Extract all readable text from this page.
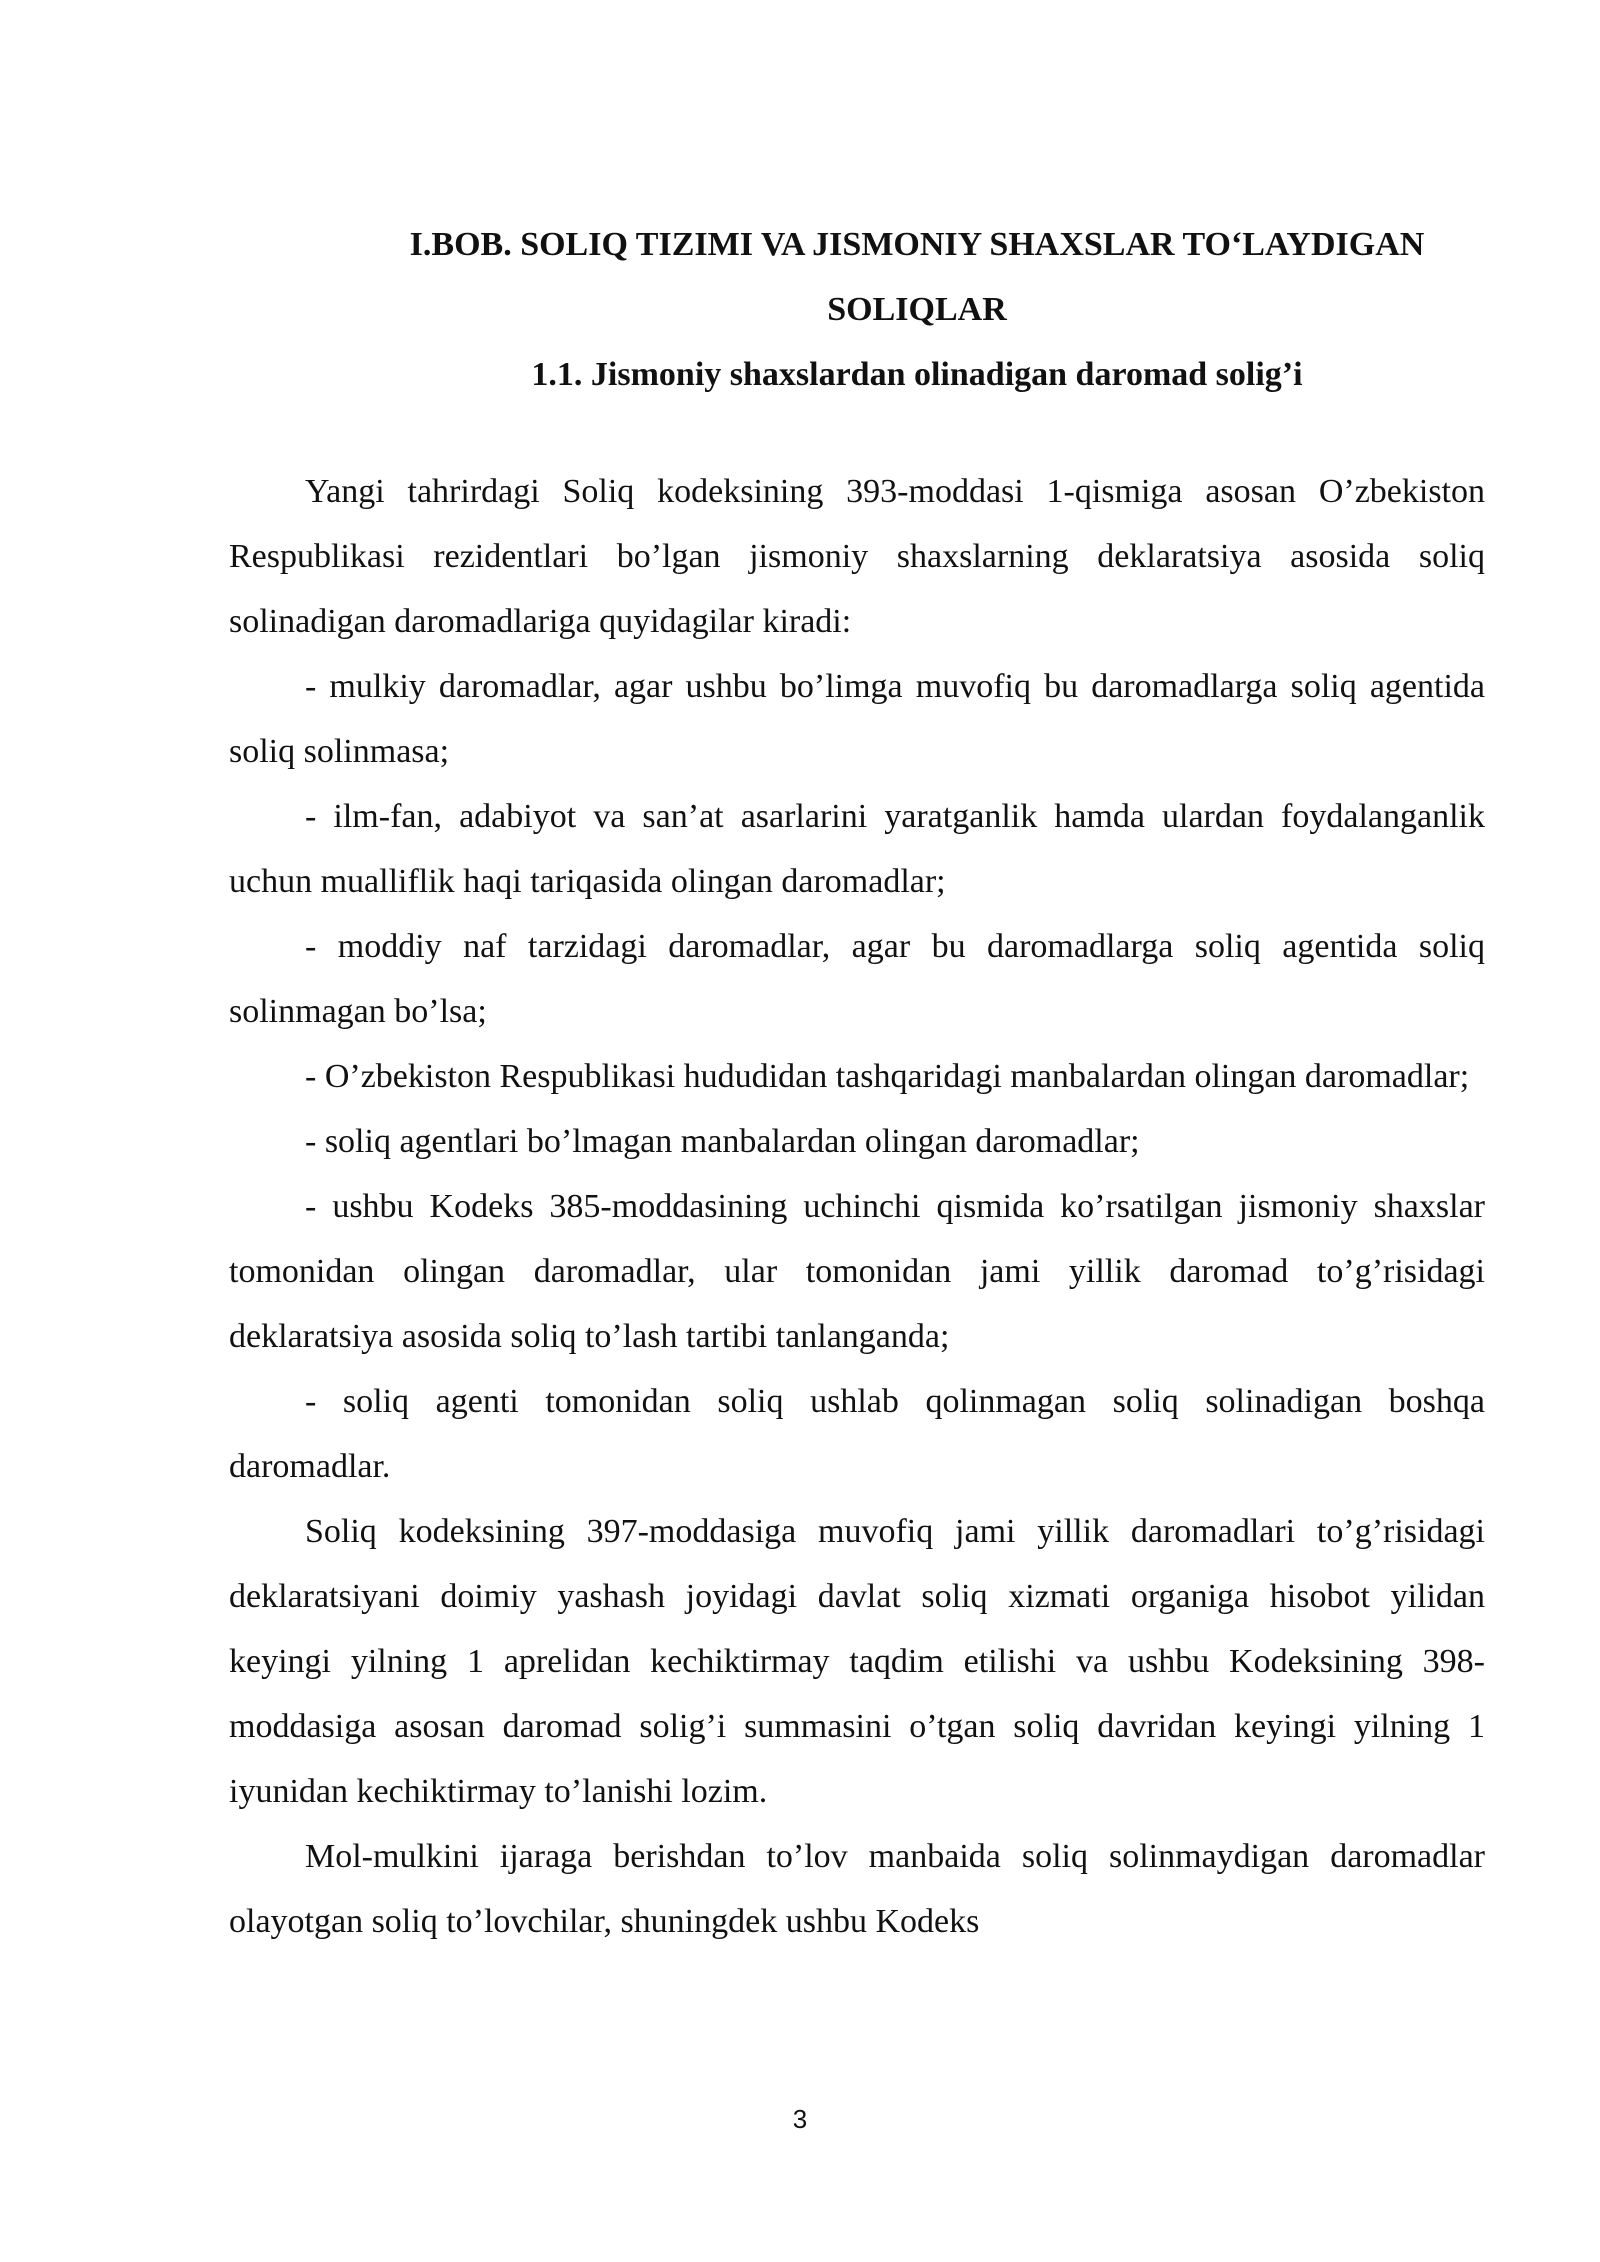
I.BOB. SOLIQ TIZIMI VA JISMONIY SHAXSLAR TO‘LAYDIGAN SOLIQLAR
1.1. Jismoniy shaxslardan olinadigan daromad solig’i

Yangi tahrirdagi Soliq kodeksining 393-moddasi 1-qismiga asosan O’zbekiston Respublikasi rezidentlari bo’lgan jismoniy shaxslarning deklaratsiya asosida soliq solinadigan daromadlariga quyidagilar kiradi:

- mulkiy daromadlar, agar ushbu bo’limga muvofiq bu daromadlarga soliq agentida soliq solinmasa;

- ilm-fan, adabiyot va san’at asarlarini yaratganlik hamda ulardan foydalanganlik uchun mualliflik haqi tariqasida olingan daromadlar;

- moddiy naf tarzidagi daromadlar, agar bu daromadlarga soliq agentida soliq solinmagan bo’lsa;

- O’zbekiston Respublikasi hududidan tashqaridagi manbalardan olingan daromadlar;

- soliq agentlari bo’lmagan manbalardan olingan daromadlar;

- ushbu Kodeks 385-moddasining uchinchi qismida ko’rsatilgan jismoniy shaxslar tomonidan olingan daromadlar, ular tomonidan jami yillik daromad to’g’risidagi deklaratsiya asosida soliq to’lash tartibi tanlanganda;

- soliq agenti tomonidan soliq ushlab qolinmagan soliq solinadigan boshqa daromadlar.

Soliq kodeksining 397-moddasiga muvofiq jami yillik daromadlari to’g’risidagi deklaratsiyani doimiy yashash joyidagi davlat soliq xizmati organiga hisobot yilidan keyingi yilning 1 aprelidan kechiktirmay taqdim etilishi va ushbu Kodeksining 398-moddasiga asosan daromad solig’i summasini o’tgan soliq davridan keyingi yilning 1 iyunidan kechiktirmay to’lanishi lozim.

Mol-mulkini ijaraga berishdan to’lov manbaida soliq solinmaydigan daromadlar olayotgan soliq to’lovchilar, shuningdek ushbu Kodeks

3
